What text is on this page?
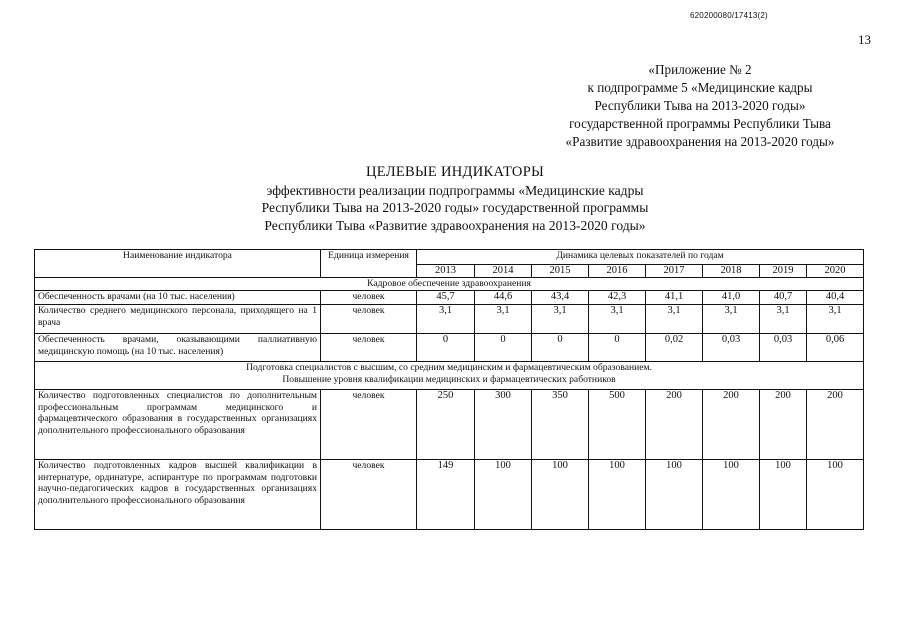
620200080/17413(2)
13
«Приложение № 2
к подпрограмме 5 «Медицинские кадры
Республики Тыва на 2013-2020 годы»
государственной программы Республики Тыва
«Развитие здравоохранения на 2013-2020 годы»
ЦЕЛЕВЫЕ ИНДИКАТОРЫ
эффективности реализации подпрограммы «Медицинские кадры
Республики Тыва на 2013-2020 годы» государственной программы
Республики Тыва «Развитие здравоохранения на 2013-2020 годы»
Наименование индикатора	Единица измерения	Динамика целевых показателей по годам							
		2013	2014	2015	2016	2017	2018	2019	2020
Кадровое обеспечение здравоохранения									
Обеспеченность врачами (на 10 тыс. населения)	человек	45,7	44,6	43,4	42,3	41,1	41,0	40,7	40,4
Количество среднего медицинского персонала, приходящего на 1 врача	человек	3,1	3,1	3,1	3,1	3,1	3,1	3,1	3,1
Обеспеченность врачами, оказывающими паллиативную медицинскую помощь (на 10 тыс. населения)	человек	0	0	0	0	0,02	0,03	0,03	0,06

Подготовка специалистов с высшим, со средним медицинским и фармацевтическим образованием.
Повышение уровня квалификации медицинских и фармацевтических работников									

Количество подготовленных специалистов по дополнительным профессиональным программам медицинского и фармацевтического образования в государственных организациях дополнительного профессионального образования	человек	250	300	350	500	200	200	200	200
Количество подготовленных кадров высшей квалификации в интернатуре, ординатуре, аспирантуре по программам подготовки научно-педагогических кадров в государственных организациях дополнительного профессионального образования	человек	149	100	100	100	100	100	100	100
